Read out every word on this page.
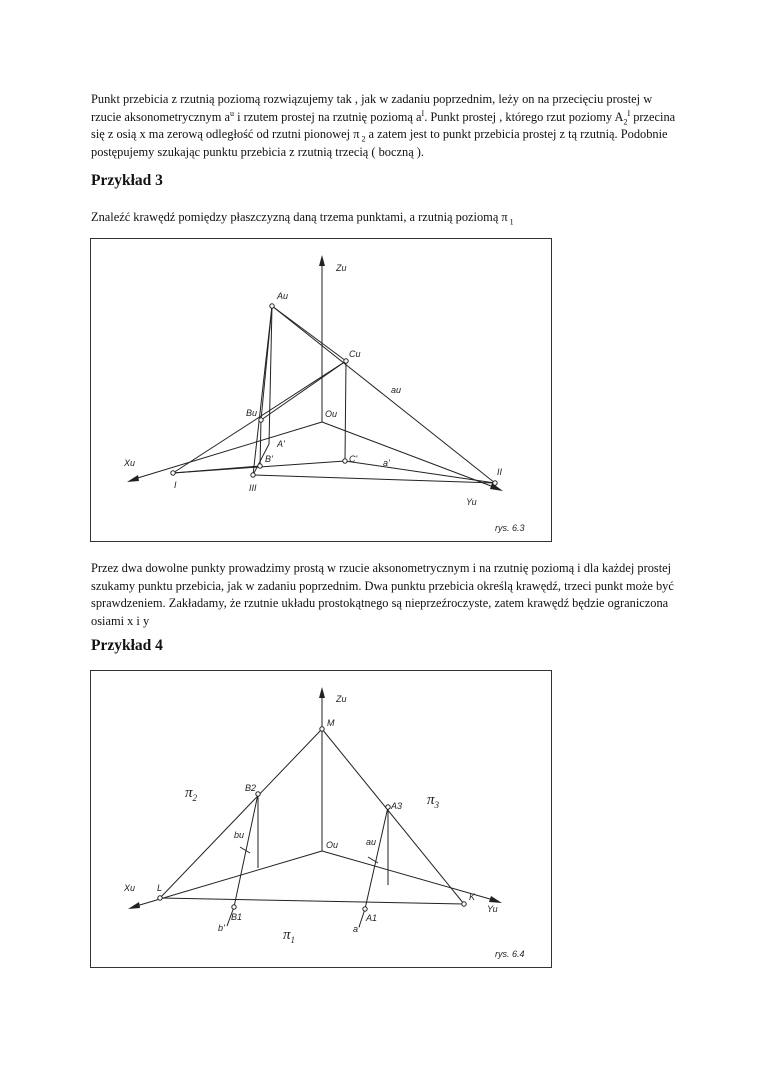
Punkt przebicia z rzutnią poziomą rozwiązujemy tak , jak w zadaniu poprzednim, leży on na przecięciu prostej w rzucie aksonometrycznym $a^u$ i rzutem prostej na rzutnię poziomą $a^I$. Punkt prostej , którego rzut poziomy $A_2^I$ przecina się z osią x ma zerową odległość od rzutni pionowej π $_2$ a zatem jest to punkt przebicia prostej z tą rzutnią. Podobnie postępujemy szukając punktu przebicia z rzutnią trzecią ( boczną ).

Przykład 3

Znaleźć krawędź pomiędzy płaszczyzną daną trzema punktami, a rzutnią poziomą π $_1$

Zu
Au
Cu
au
Bu	Ou
A'
B'	C'	a'
Xu
Yu
I
II
III
rys. 6.3

Przez dwa dowolne punkty prowadzimy prostą w rzucie aksonometrycznym i na rzutnię poziomą i dla każdej prostej szukamy punktu przebicia, jak w zadaniu poprzednim. Dwa punktu przebicia określą krawędź, trzeci punkt może być sprawdzeniem. Zakładamy, że rzutnie układu prostokątnego są nieprzeźroczyste, zatem krawędź będzie ograniczona osiami x i y

Przykład 4
Zu
M
$\pi_2$	$\pi_3$
B2
A3
bu
au
Ou
Xu L
B1	A1
K
Yu
b'	a'
$\pi_1$
rys. 6.4
